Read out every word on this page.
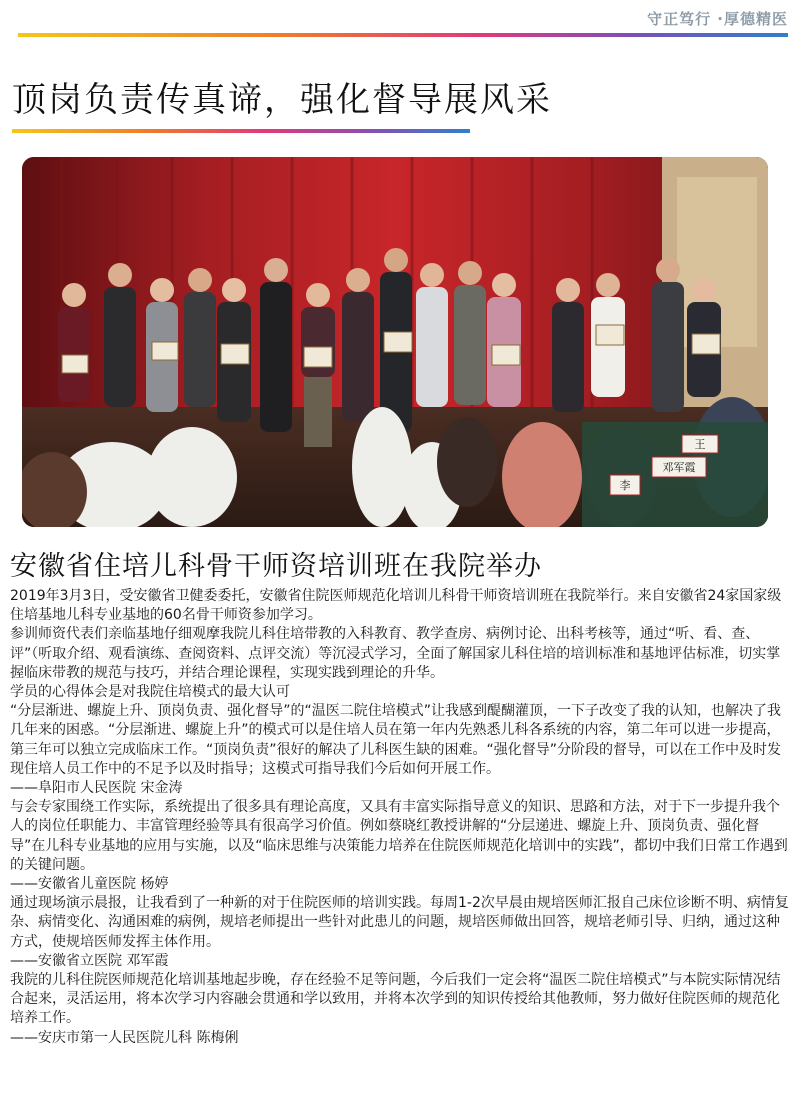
守正笃行 ·厚德精医
顶岗负责传真谛，强化督导展风采
李
邓军霞
王
安徽省住培儿科骨干师资培训班在我院举办

2019年3月3日，受安徽省卫健委委托，安徽省住院医师规范化培训儿科骨干师资培训班在我院举行。来自安徽省24家国家级住培基地儿科专业基地的60名骨干师资参加学习。

参训师资代表们亲临基地仔细观摩我院儿科住培带教的入科教育、教学查房、病例讨论、出科考核等，通过“听、看、查、评”（听取介绍、观看演练、查阅资料、点评交流）等沉浸式学习，全面了解国家儿科住培的培训标准和基地评估标准，切实掌握临床带教的规范与技巧，并结合理论课程，实现实践到理论的升华。

学员的心得体会是对我院住培模式的最大认可

“分层渐进、螺旋上升、顶岗负责、强化督导”的“温医二院住培模式”让我感到醍醐灌顶，一下子改变了我的认知，也解决了我几年来的困惑。“分层渐进、螺旋上升”的模式可以是住培人员在第一年内先熟悉儿科各系统的内容，第二年可以进一步提高，第三年可以独立完成临床工作。“顶岗负责”很好的解决了儿科医生缺的困难。“强化督导”分阶段的督导，可以在工作中及时发现住培人员工作中的不足予以及时指导；这模式可指导我们今后如何开展工作。

——阜阳市人民医院 宋金涛

与会专家围绕工作实际，系统提出了很多具有理论高度，又具有丰富实际指导意义的知识、思路和方法，对于下一步提升我个人的岗位任职能力、丰富管理经验等具有很高学习价值。例如蔡晓红教授讲解的“分层递进、螺旋上升、顶岗负责、强化督导”在儿科专业基地的应用与实施，以及“临床思维与决策能力培养在住院医师规范化培训中的实践”，都切中我们日常工作遇到的关键问题。

——安徽省儿童医院 杨婷

通过现场演示晨报，让我看到了一种新的对于住院医师的培训实践。每周1-2次早晨由规培医师汇报自己床位诊断不明、病情复杂、病情变化、沟通困难的病例，规培老师提出一些针对此患儿的问题，规培医师做出回答，规培老师引导、归纳，通过这种方式，使规培医师发挥主体作用。

——安徽省立医院 邓军霞

我院的儿科住院医师规范化培训基地起步晚，存在经验不足等问题，今后我们一定会将“温医二院住培模式”与本院实际情况结合起来，灵活运用，将本次学习内容融会贯通和学以致用，并将本次学到的知识传授给其他教师，努力做好住院医师的规范化培养工作。

——安庆市第一人民医院儿科 陈梅俐
